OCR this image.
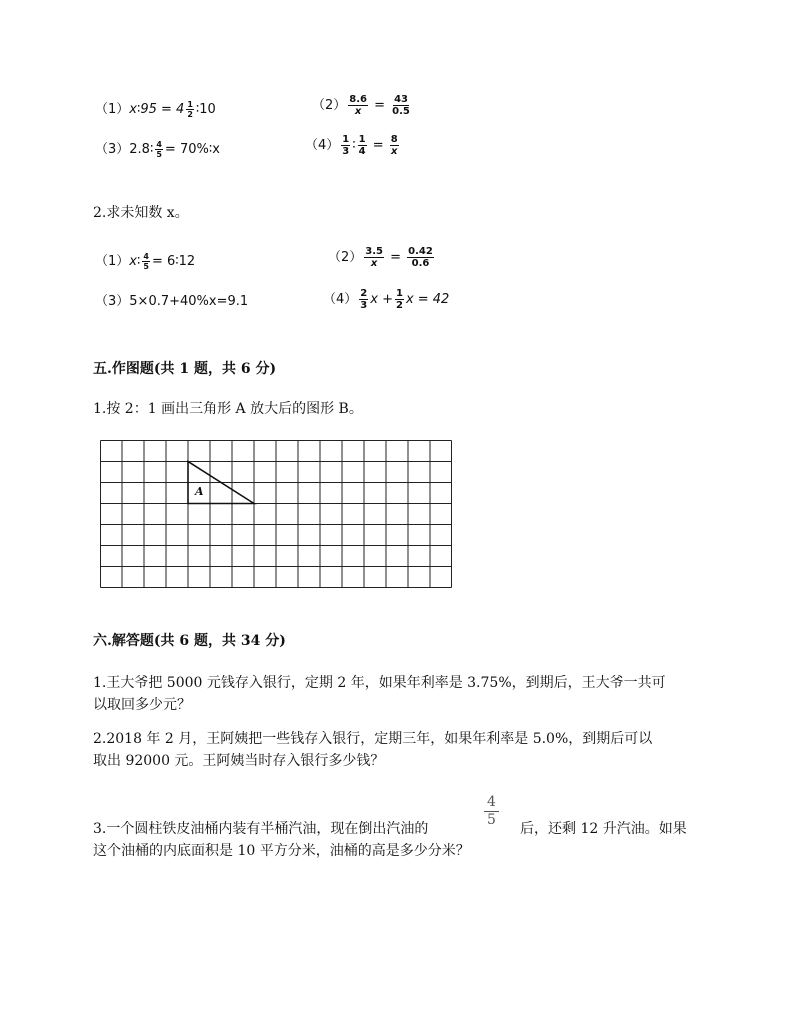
（1）x∶95 = $4 \frac{1}{2}$ ∶10	$(2) \frac{8.6}{x} = \frac{43}{0.5}$
（3）2.8∶ $\frac{4}{5}$ = 70%∶x	$(4) \frac{1}{3}$ ∶ $\frac{1}{4} = \frac{8}{x}$
2.求未知数 x。
（1）x∶ $\frac{4}{5}$ = 6∶12	$(2) \frac{3.5}{x} = \frac{0.42}{0.6}$
（3）5×0.7+40%x=9.1	$(4) \frac{2}{3}$ $x + \frac{1}{2}$ x = 42
五.作图题(共 1 题，共 6 分)
1.按 2：1 画出三角形 A 放大后的图形 B。
A
六.解答题(共 6 题，共 34 分)
1.王大爷把 5000 元钱存入银行，定期 2 年，如果年利率是 3.75%，到期后，王大爷一共可
以取回多少元？
2.2018 年 2 月，王阿姨把一些钱存入银行，定期三年，如果年利率是 5.0%，到期后可以
取出 92000 元。王阿姨当时存入银行多少钱？
3.一个圆柱铁皮油桶内装有半桶汽油，现在倒出汽油的	$\frac{4}{5}$ 后，还剩 12 升汽油。如果
这个油桶的内底面积是 10 平方分米，油桶的高是多少分米？
